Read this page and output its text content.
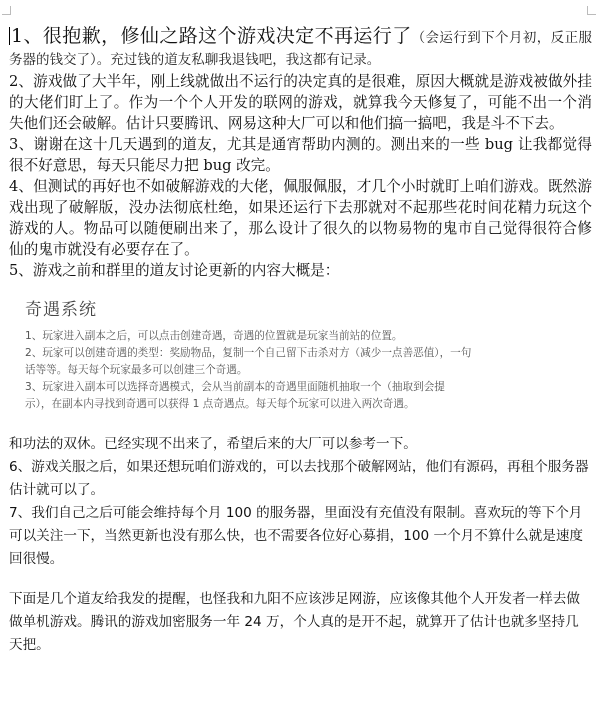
1、很抱歉，修仙之路这个游戏决定不再运行了（会运行到下个月初，反正服务器的钱交了）。充过钱的道友私聊我退钱吧，我这都有记录。

2、游戏做了大半年，刚上线就做出不运行的决定真的是很难，原因大概就是游戏被做外挂的大佬们盯上了。作为一个个人开发的联网的游戏，就算我今天修复了，可能不出一个消失他们还会破解。估计只要腾讯、网易这种大厂可以和他们搞一搞吧，我是斗不下去。

3、谢谢在这十几天遇到的道友，尤其是通宵帮助内测的。测出来的一些 bug 让我都觉得很不好意思，每天只能尽力把 bug 改完。

4、但测试的再好也不如破解游戏的大佬，佩服佩服，才几个小时就盯上咱们游戏。既然游戏出现了破解版，没办法彻底杜绝，如果还运行下去那就对不起那些花时间花精力玩这个游戏的人。物品可以随便刷出来了，那么设计了很久的以物易物的鬼市自己觉得很符合修仙的鬼市就没有必要存在了。

5、游戏之前和群里的道友讨论更新的内容大概是：

奇遇系统
1、玩家进入副本之后，可以点击创建奇遇，奇遇的位置就是玩家当前站的位置。
2、玩家可以创建奇遇的类型：奖励物品，复制一个自己留下击杀对方（减少一点善恶值），一句
话等等。每天每个玩家最多可以创建三个奇遇。
3、玩家进入副本可以选择奇遇模式，会从当前副本的奇遇里面随机抽取一个（抽取到会提
示），在副本内寻找到奇遇可以获得 1 点奇遇点。每天每个玩家可以进入两次奇遇。

和功法的双休。已经实现不出来了，希望后来的大厂可以参考一下。

6、游戏关服之后，如果还想玩咱们游戏的，可以去找那个破解网站，他们有源码，再租个服务器估计就可以了。

7、我们自己之后可能会维持每个月 100 的服务器，里面没有充值没有限制。喜欢玩的等下个月可以关注一下，当然更新也没有那么快，也不需要各位好心募捐，100 一个月不算什么就是速度回很慢。

下面是几个道友给我发的提醒，也怪我和九阳不应该涉足网游，应该像其他个人开发者一样去做做单机游戏。腾讯的游戏加密服务一年 24 万，个人真的是开不起，就算开了估计也就多坚持几天把。
